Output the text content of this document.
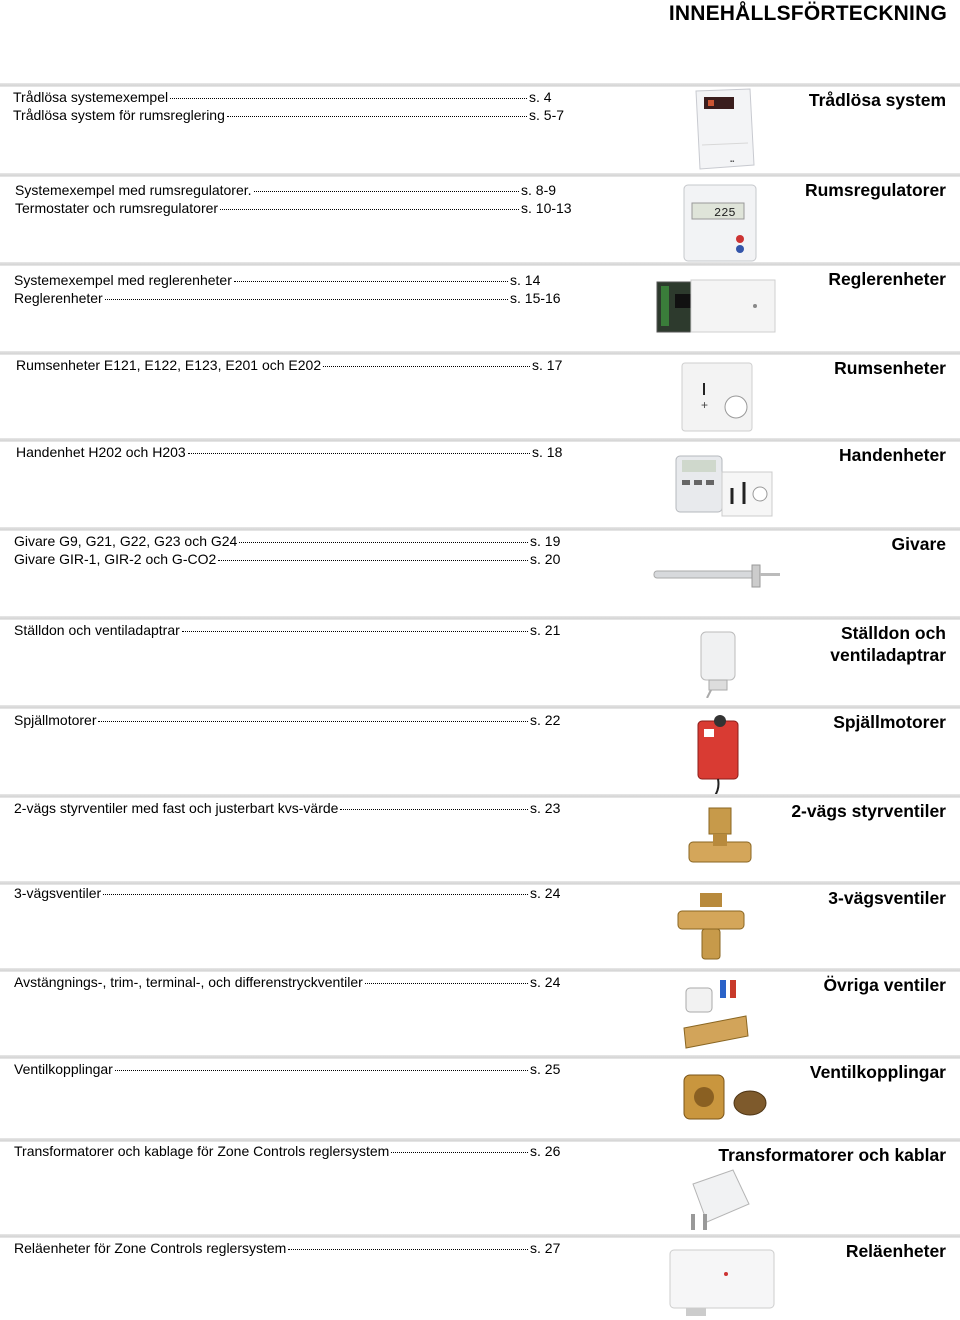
INNEHÅLLSFÖRTECKNING
Trådlösa systemexempel	s. 4
Trådlösa system för rumsreglering	s. 5-7
Trådlösa system
▪▪
Systemexempel med rumsregulatorer.	s. 8-9
Termostater och rumsregulatorer	s. 10-13
Rumsregulatorer
225
Systemexempel med reglerenheter	s. 14
Reglerenheter	s. 15-16
Reglerenheter
Rumsenheter E121, E122, E123, E201 och E202	s. 17	Rumsenheter
+
Handenhet H202 och H203	s. 18	Handenheter
Givare G9, G21, G22, G23 och G24	s. 19
Givare GIR-1, GIR-2 och G-CO2	s. 20
Givare
Ställdon och ventiladaptrar	s. 21	Ställdon och ventiladaptrar
Spjällmotorer	s. 22	Spjällmotorer
2-vägs styrventiler med fast och justerbart kvs-värde	s. 23	2-vägs styrventiler
3-vägsventiler	s. 24	3-vägsventiler
Avstängnings-, trim-, terminal-, och differenstryckventiler	s. 24	Övriga ventiler
Ventilkopplingar	s. 25	Ventilkopplingar
Transformatorer och kablage för Zone Controls reglersystem	s. 26	Transformatorer och kablar
Reläenheter för Zone Controls reglersystem	s. 27	Reläenheter
